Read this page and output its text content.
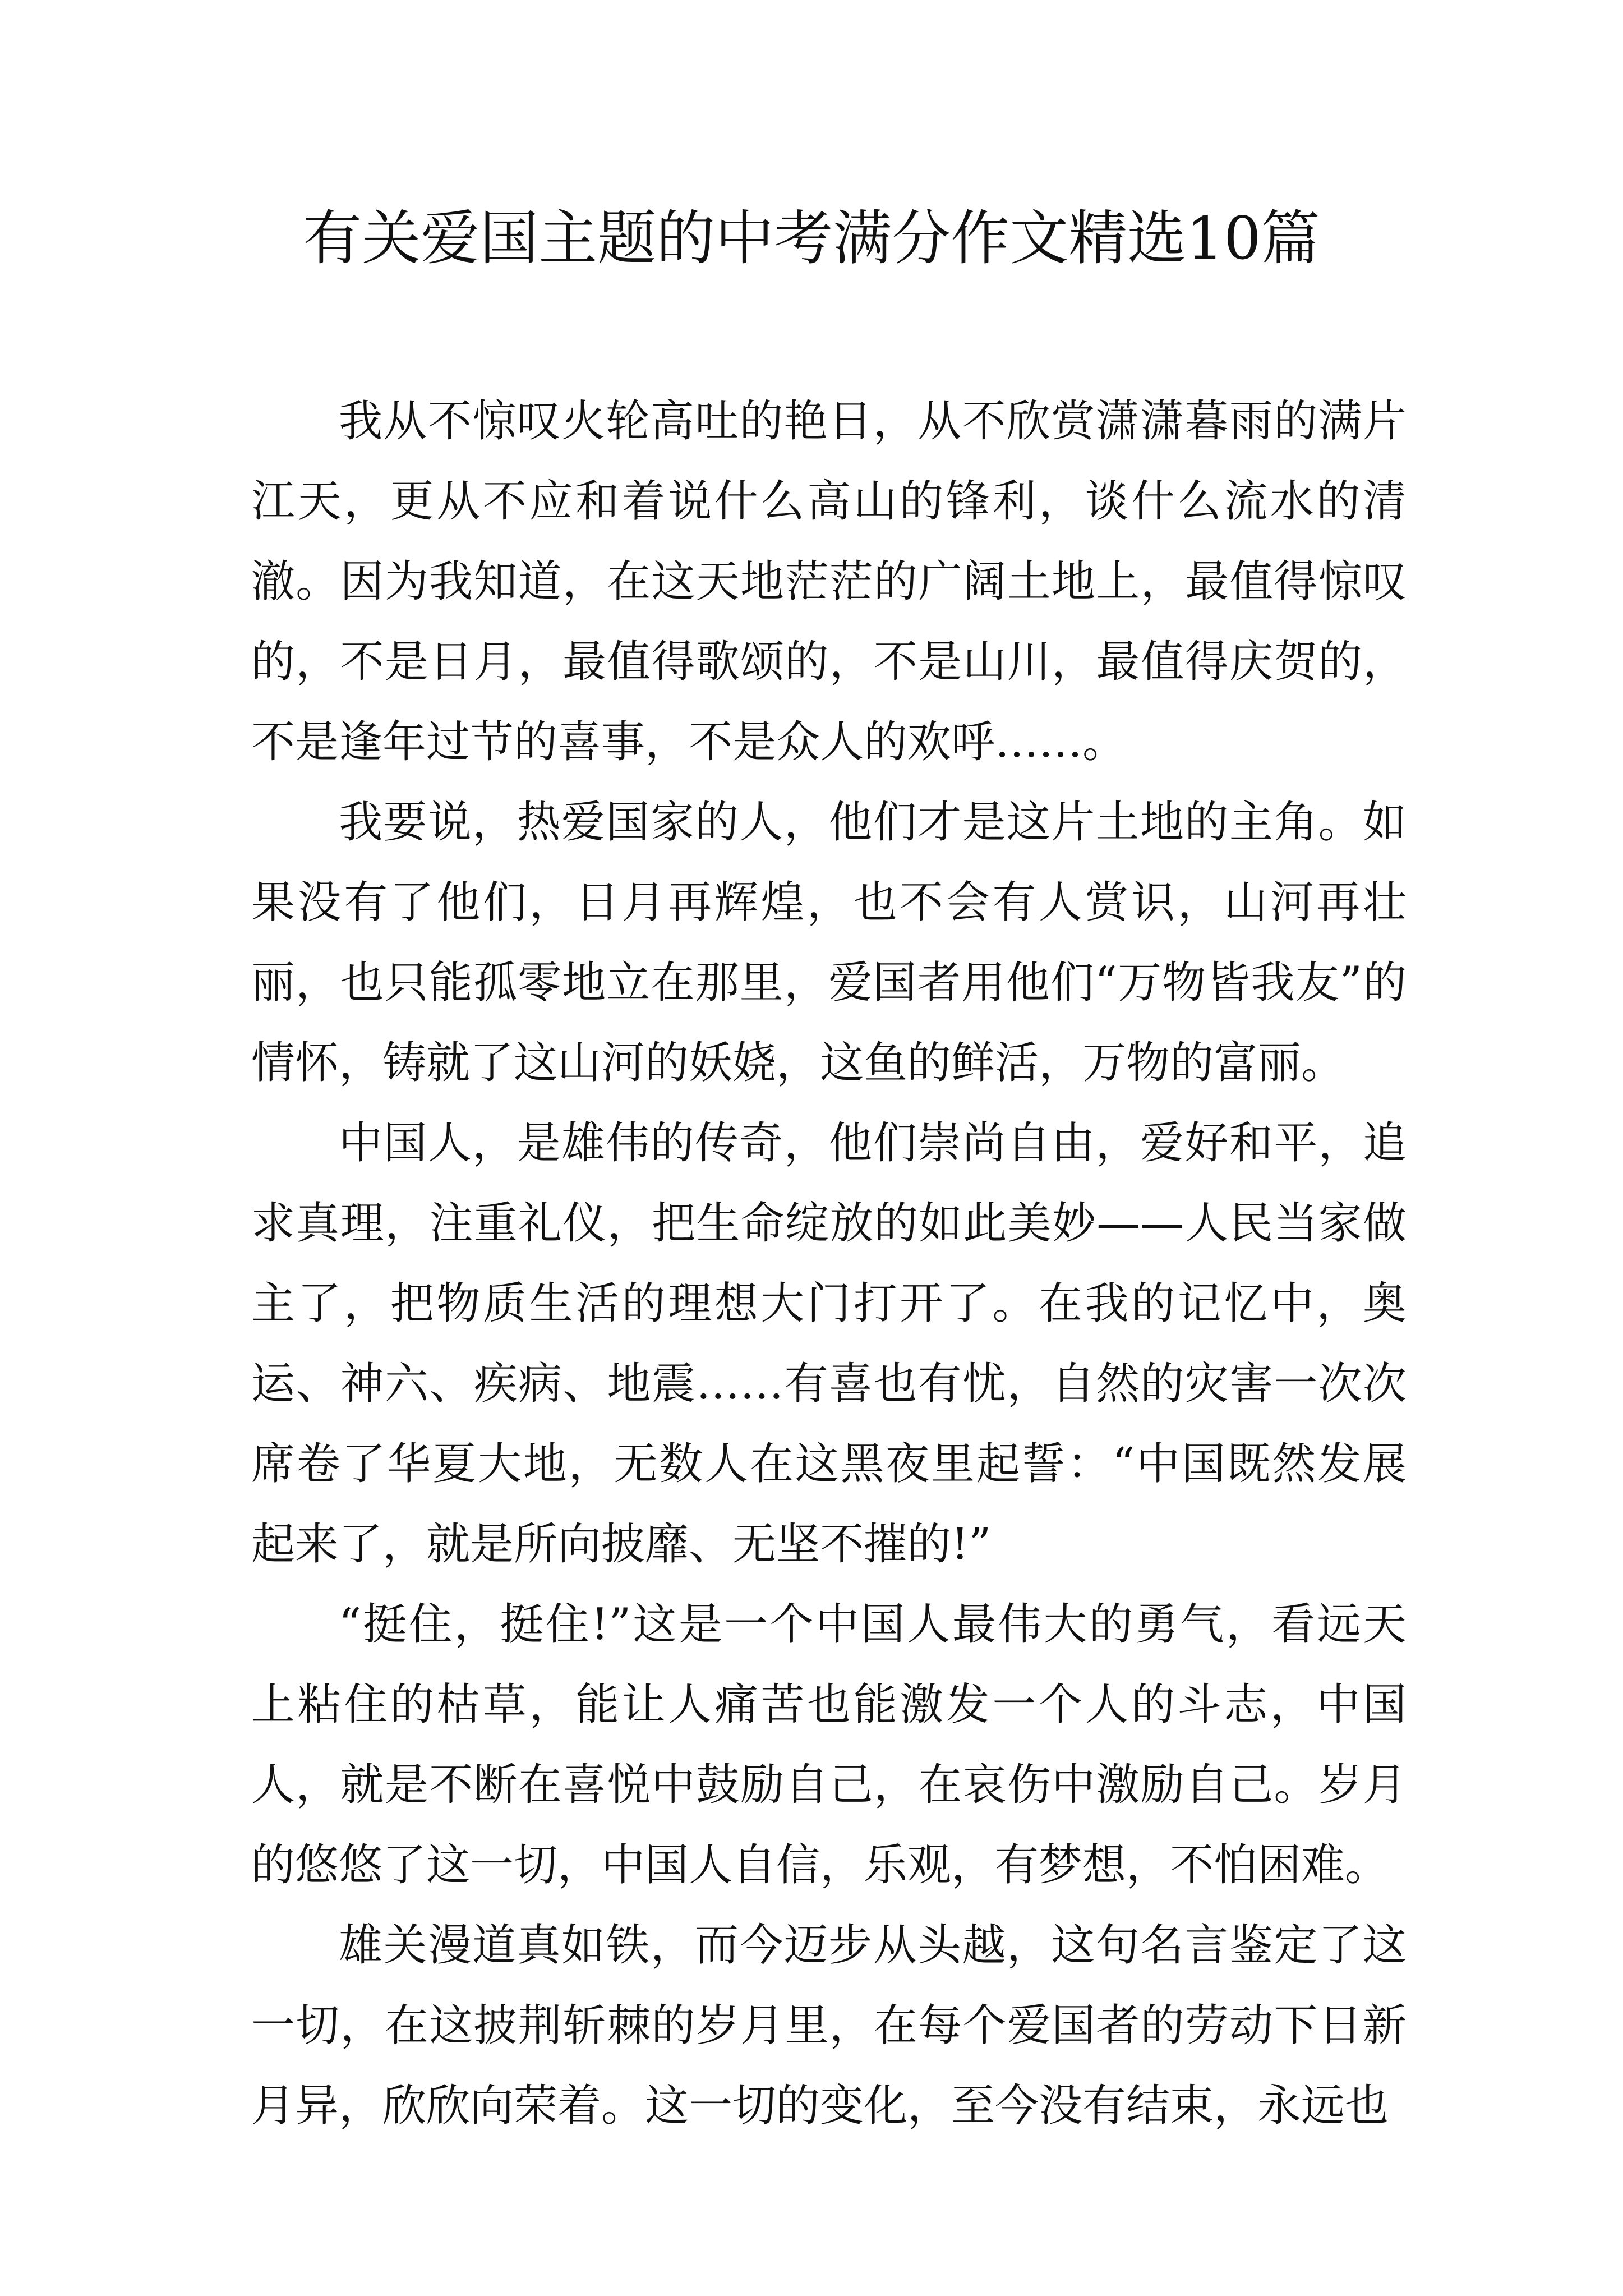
有关爱国主题的中考满分作文精选10篇

我从不惊叹火轮高吐的艳日，从不欣赏潇潇暮雨的满片江天，更从不应和着说什么高山的锋利，谈什么流水的清澈。因为我知道，在这天地茫茫的广阔土地上，最值得惊叹的，不是日月，最值得歌颂的，不是山川，最值得庆贺的，不是逢年过节的喜事，不是众人的欢呼……。

我要说，热爱国家的人，他们才是这片土地的主角。如果没有了他们，日月再辉煌，也不会有人赏识，山河再壮丽，也只能孤零地立在那里，爱国者用他们“万物皆我友”的情怀，铸就了这山河的妖娆，这鱼的鲜活，万物的富丽。

中国人，是雄伟的传奇，他们崇尚自由，爱好和平，追求真理，注重礼仪，把生命绽放的如此美妙——人民当家做主了，把物质生活的理想大门打开了。在我的记忆中，奥运、神六、疾病、地震……有喜也有忧，自然的灾害一次次席卷了华夏大地，无数人在这黑夜里起誓：“中国既然发展起来了，就是所向披靡、无坚不摧的!”

“挺住，挺住!”这是一个中国人最伟大的勇气，看远天上粘住的枯草，能让人痛苦也能激发一个人的斗志，中国人，就是不断在喜悦中鼓励自己，在哀伤中激励自己。岁月的悠悠了这一切，中国人自信，乐观，有梦想，不怕困难。

雄关漫道真如铁，而今迈步从头越，这句名言鉴定了这一切，在这披荆斩棘的岁月里，在每个爱国者的劳动下日新月异，欣欣向荣着。这一切的变化，至今没有结束，永远也
